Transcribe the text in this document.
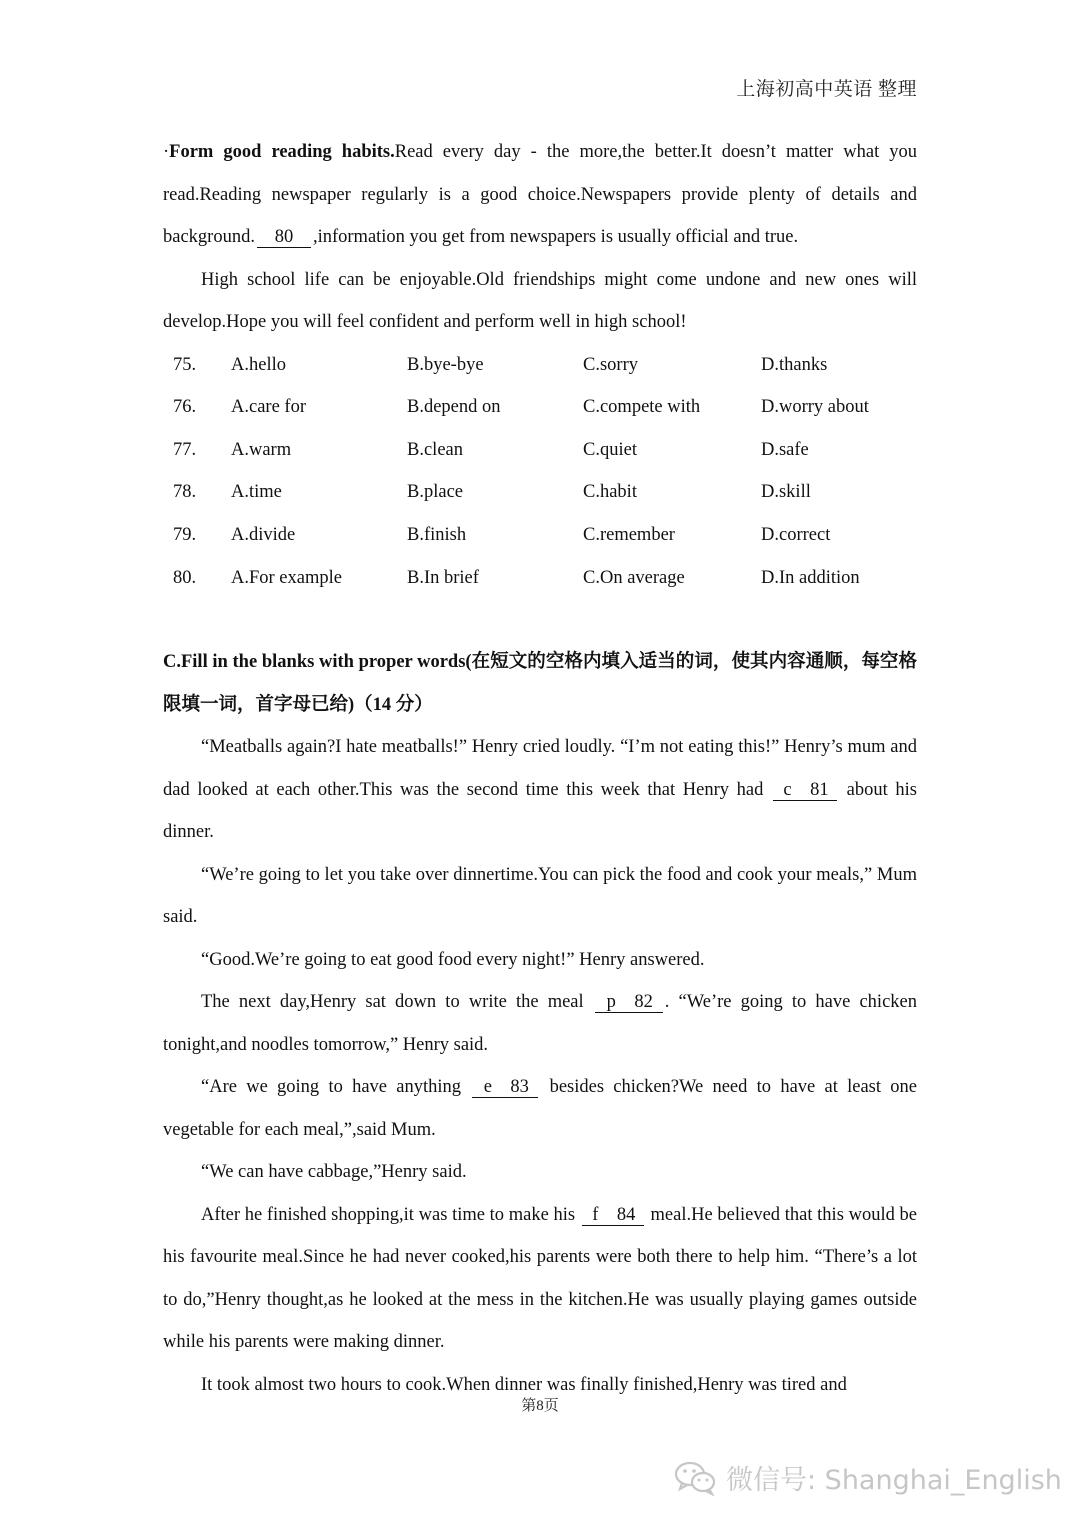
上海初高中英语 整理

·Form good reading habits.Read every day - the more,the better.It doesn’t matter what you read.Reading newspaper regularly is a good choice.Newspapers provide plenty of details and background. 80 ,information you get from newspapers is usually official and true.

High school life can be enjoyable.Old friendships might come undone and new ones will develop.Hope you will feel confident and perform well in high school!

75.	A.hello	B.bye-bye	C.sorry	D.thanks
76.	A.care for	B.depend on	C.compete with	D.worry about
77.	A.warm	B.clean	C.quiet	D.safe
78.	A.time	B.place	C.habit	D.skill
79.	A.divide	B.finish	C.remember	D.correct
80.	A.For example	B.In brief	C.On average	D.In addition

C.Fill in the blanks with proper words(在短文的空格内填入适当的词，使其内容通顺，每空格限填一词，首字母已给)（14 分）

“Meatballs again?I hate meatballs!” Henry cried loudly. “I’m not eating this!” Henry’s mum and dad looked at each other.This was the second time this week that Henry had c 81 about his dinner.

“We’re going to let you take over dinnertime.You can pick the food and cook your meals,” Mum said.

“Good.We’re going to eat good food every night!” Henry answered.

The next day,Henry sat down to write the meal p 82 . “We’re going to have chicken tonight,and noodles tomorrow,” Henry said.

“Are we going to have anything e 83 besides chicken?We need to have at least one vegetable for each meal,”,said Mum.

“We can have cabbage,”Henry said.

After he finished shopping,it was time to make his f 84 meal.He believed that this would be his favourite meal.Since he had never cooked,his parents were both there to help him. “There’s a lot to do,”Henry thought,as he looked at the mess in the kitchen.He was usually playing games outside while his parents were making dinner.

It took almost two hours to cook.When dinner was finally finished,Henry was tired and

第8页
微信号: Shanghai_English
